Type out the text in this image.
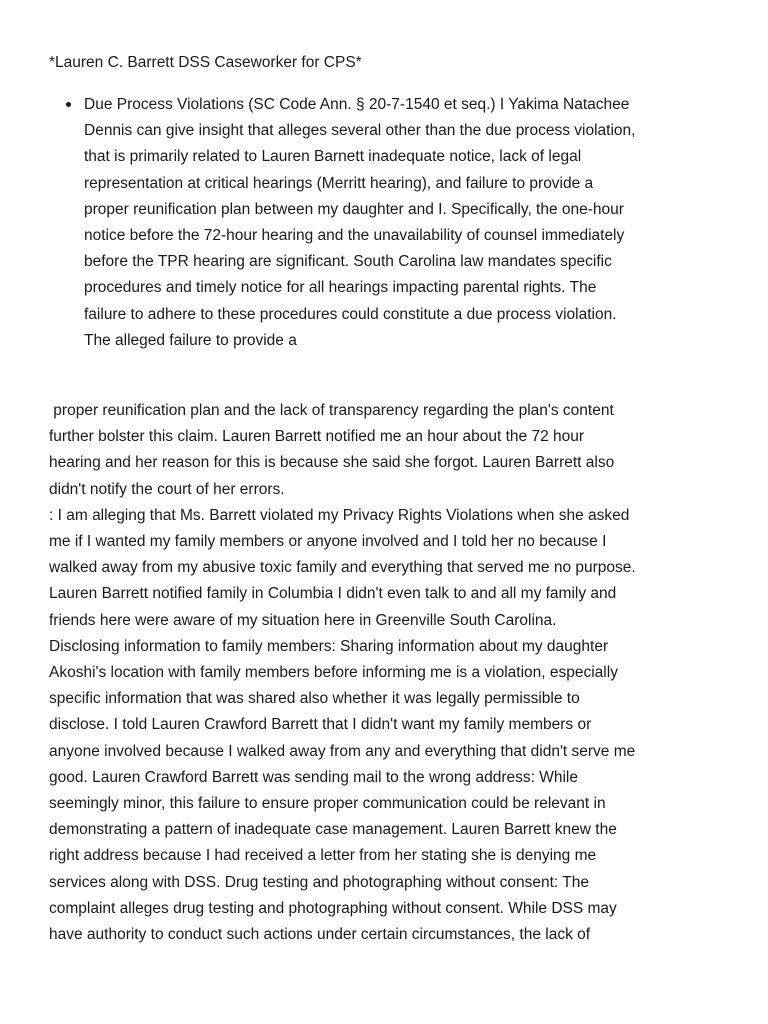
*Lauren C. Barrett DSS Caseworker for CPS*
Due Process Violations (SC Code Ann. § 20-7-1540 et seq.) I Yakima Natachee
Dennis can give insight that alleges several other than the due process violation,
that is primarily related to Lauren Barnett inadequate notice, lack of legal
representation at critical hearings (Merritt hearing), and failure to provide a
proper reunification plan between my daughter and I. Specifically, the one-hour
notice before the 72-hour hearing and the unavailability of counsel immediately
before the TPR hearing are significant. South Carolina law mandates specific
procedures and timely notice for all hearings impacting parental rights. The
failure to adhere to these procedures could constitute a due process violation.
The alleged failure to provide a
proper reunification plan and the lack of transparency regarding the plan's content
further bolster this claim. Lauren Barrett notified me an hour about the 72 hour
hearing and her reason for this is because she said she forgot. Lauren Barrett also
didn't notify the court of her errors.
: I am alleging that Ms. Barrett violated my Privacy Rights Violations when she asked
me if I wanted my family members or anyone involved and I told her no because I
walked away from my abusive toxic family and everything that served me no purpose.
Lauren Barrett notified family in Columbia I didn't even talk to and all my family and
friends here were aware of my situation here in Greenville South Carolina.
Disclosing information to family members: Sharing information about my daughter
Akoshi's location with family members before informing me is a violation, especially
specific information that was shared also whether it was legally permissible to
disclose. I told Lauren Crawford Barrett that I didn't want my family members or
anyone involved because I walked away from any and everything that didn't serve me
good. Lauren Crawford Barrett was sending mail to the wrong address: While
seemingly minor, this failure to ensure proper communication could be relevant in
demonstrating a pattern of inadequate case management. Lauren Barrett knew the
right address because I had received a letter from her stating she is denying me
services along with DSS. Drug testing and photographing without consent: The
complaint alleges drug testing and photographing without consent. While DSS may
have authority to conduct such actions under certain circumstances, the lack of
